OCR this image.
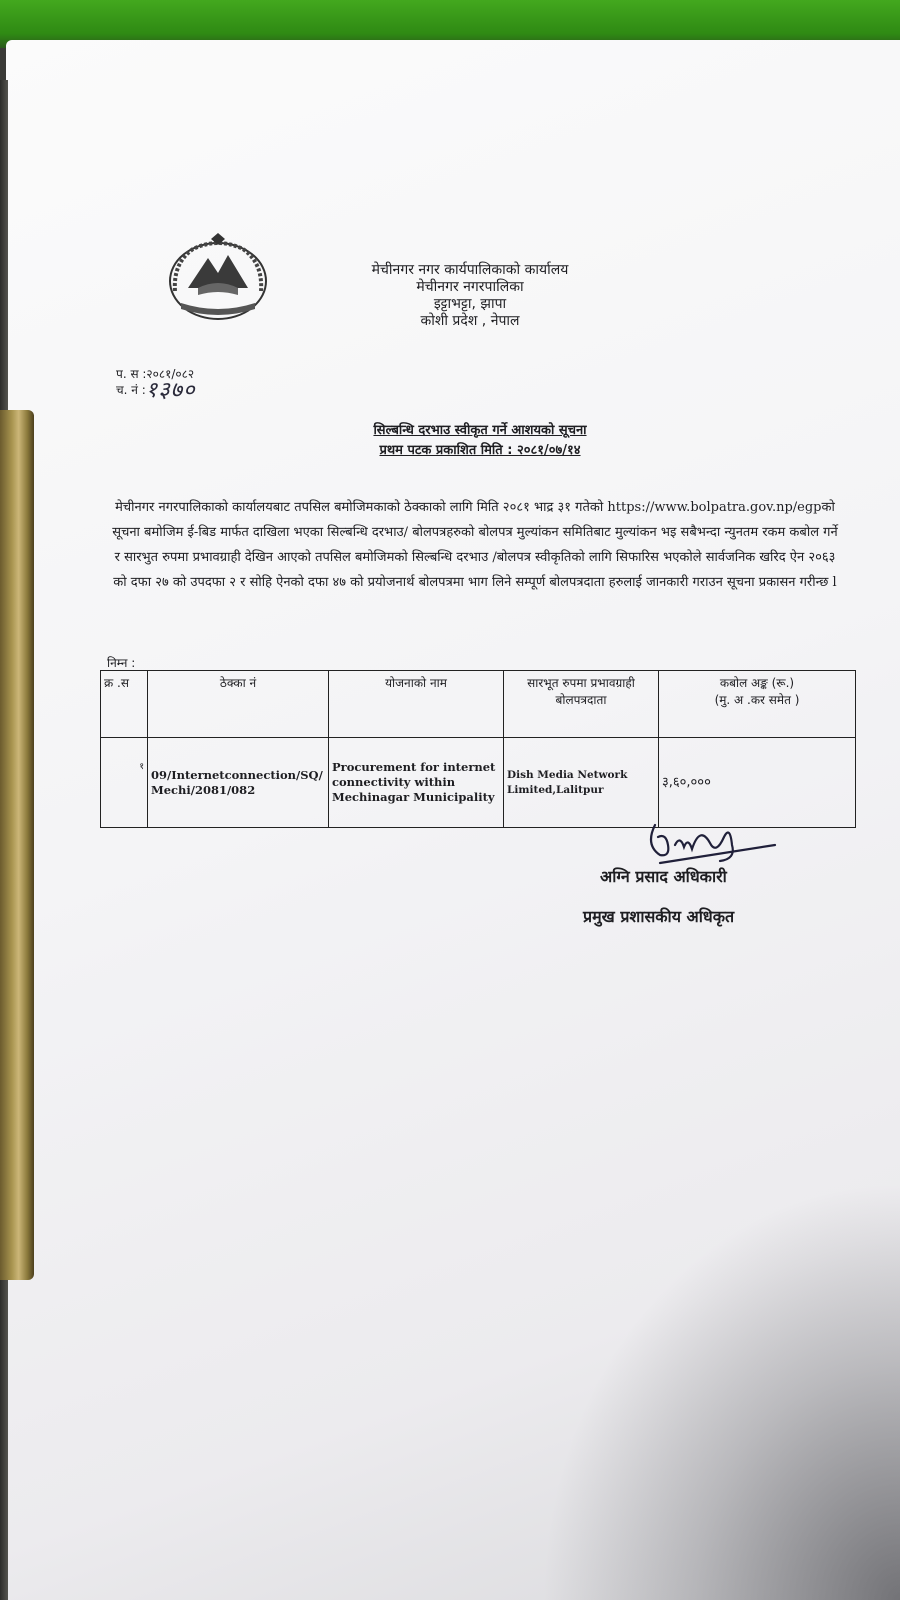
मेचीनगर नगर कार्यपालिकाको कार्यालय
मेचीनगर नगरपालिका
इट्टाभट्टा, झापा
कोशी प्रदेश , नेपाल
प. स :२०८१/०८२
च. नं :१३७०
सिल्बन्धि दरभाउ स्वीकृत गर्ने आशयको सूचना
प्रथम पटक प्रकाशित मिति : २०८१/०७/१४
मेचीनगर नगरपालिकाको कार्यालयबाट तपसिल बमोजिमकाको ठेक्काको लागि मिति २०८१ भाद्र ३१ गतेको https://www.bolpatra.gov.np/egpको सूचना बमोजिम ई-बिड मार्फत दाखिला भएका सिल्बन्धि दरभाउ/ बोलपत्रहरुको बोलपत्र मुल्यांकन समितिबाट मुल्यांकन भइ सबैभन्दा न्युनतम रकम कबोल गर्ने र सारभुत रुपमा प्रभावग्राही देखिन आएको तपसिल बमोजिमको सिल्बन्धि दरभाउ /बोलपत्र स्वीकृतिको लागि सिफारिस भएकोले सार्वजनिक खरिद ऐन २०६३ को दफा २७ को उपदफा २ र सोहि ऐनको दफा ४७ को प्रयोजनार्थ बोलपत्रमा भाग लिने सम्पूर्ण बोलपत्रदाता हरुलाई जानकारी गराउन सूचना प्रकासन गरीन्छ l
निम्न :
क्र .स	ठेक्का नं	योजनाको नाम	सारभूत रुपमा प्रभावग्राही बोलपत्रदाता	कबोल अङ्क (रू.)
(मु. अ .कर समेत )
१	09/Internetconnection/SQ/Mechi/2081/082	Procurement for internet connectivity within Mechinagar Municipality	Dish Media Network Limited,Lalitpur	३,६०,०००
अग्नि प्रसाद अधिकारी
प्रमुख प्रशासकीय अधिकृत
